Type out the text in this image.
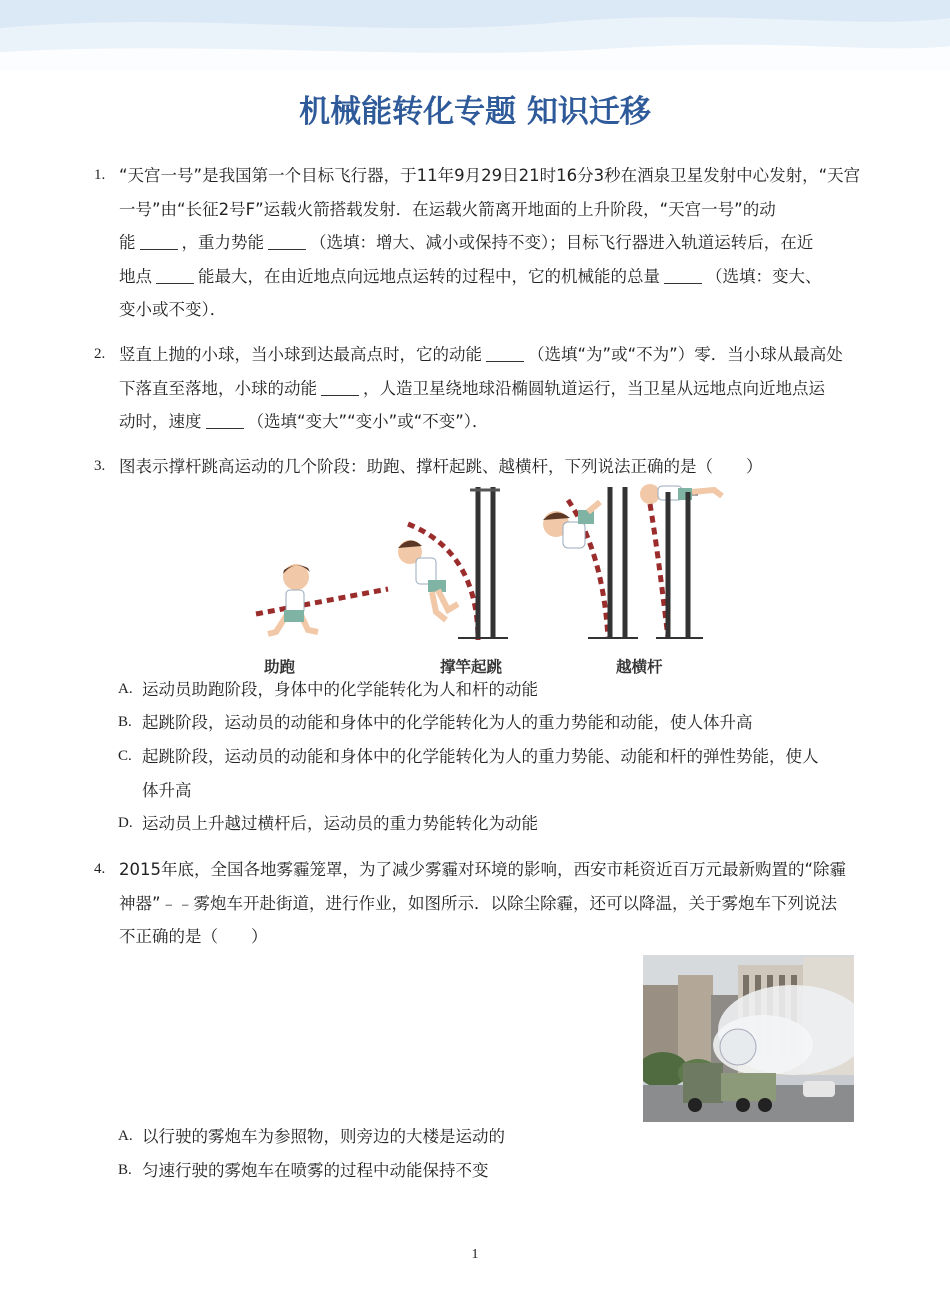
机械能转化专题 知识迁移
1. “天宫一号”是我国第一个目标飞行器，于11年9月29日21时16分3秒在酒泉卫星发射中心发射，“天宫
一号”由“长征2号F”运载火箭搭载发射．在运载火箭离开地面的上升阶段，“天宫一号”的动
能	，重力势能	（选填：增大、减小或保持不变）；目标飞行器进入轨道运转后，在近
地点	能最大，在由近地点向远地点运转的过程中，它的机械能的总量	（选填：变大、
变小或不变）．
2. 竖直上抛的小球，当小球到达最高点时，它的动能	（选填“为”或“不为”）零．当小球从最高处
下落直至落地，小球的动能	，人造卫星绕地球沿椭圆轨道运行，当卫星从远地点向近地点运
动时，速度	（选填“变大”“变小”或“不变”）．
3. 图表示撑杆跳高运动的几个阶段：助跑、撑杆起跳、越横杆，下列说法正确的是（　　）
助跑	撑竿起跳	越横杆
A. 运动员助跑阶段，身体中的化学能转化为人和杆的动能
B. 起跳阶段，运动员的动能和身体中的化学能转化为人的重力势能和动能，使人体升高
C. 起跳阶段，运动员的动能和身体中的化学能转化为人的重力势能、动能和杆的弹性势能，使人
体升高
D. 运动员上升越过横杆后，运动员的重力势能转化为动能
4. 2015年底，全国各地雾霾笼罩，为了减少雾霾对环境的影响，西安市耗资近百万元最新购置的“除霾
神器”﹣﹣雾炮车开赴街道，进行作业，如图所示．以除尘除霾，还可以降温，关于雾炮车下列说法
不正确的是（　　）
A. 以行驶的雾炮车为参照物，则旁边的大楼是运动的
B. 匀速行驶的雾炮车在喷雾的过程中动能保持不变
1
